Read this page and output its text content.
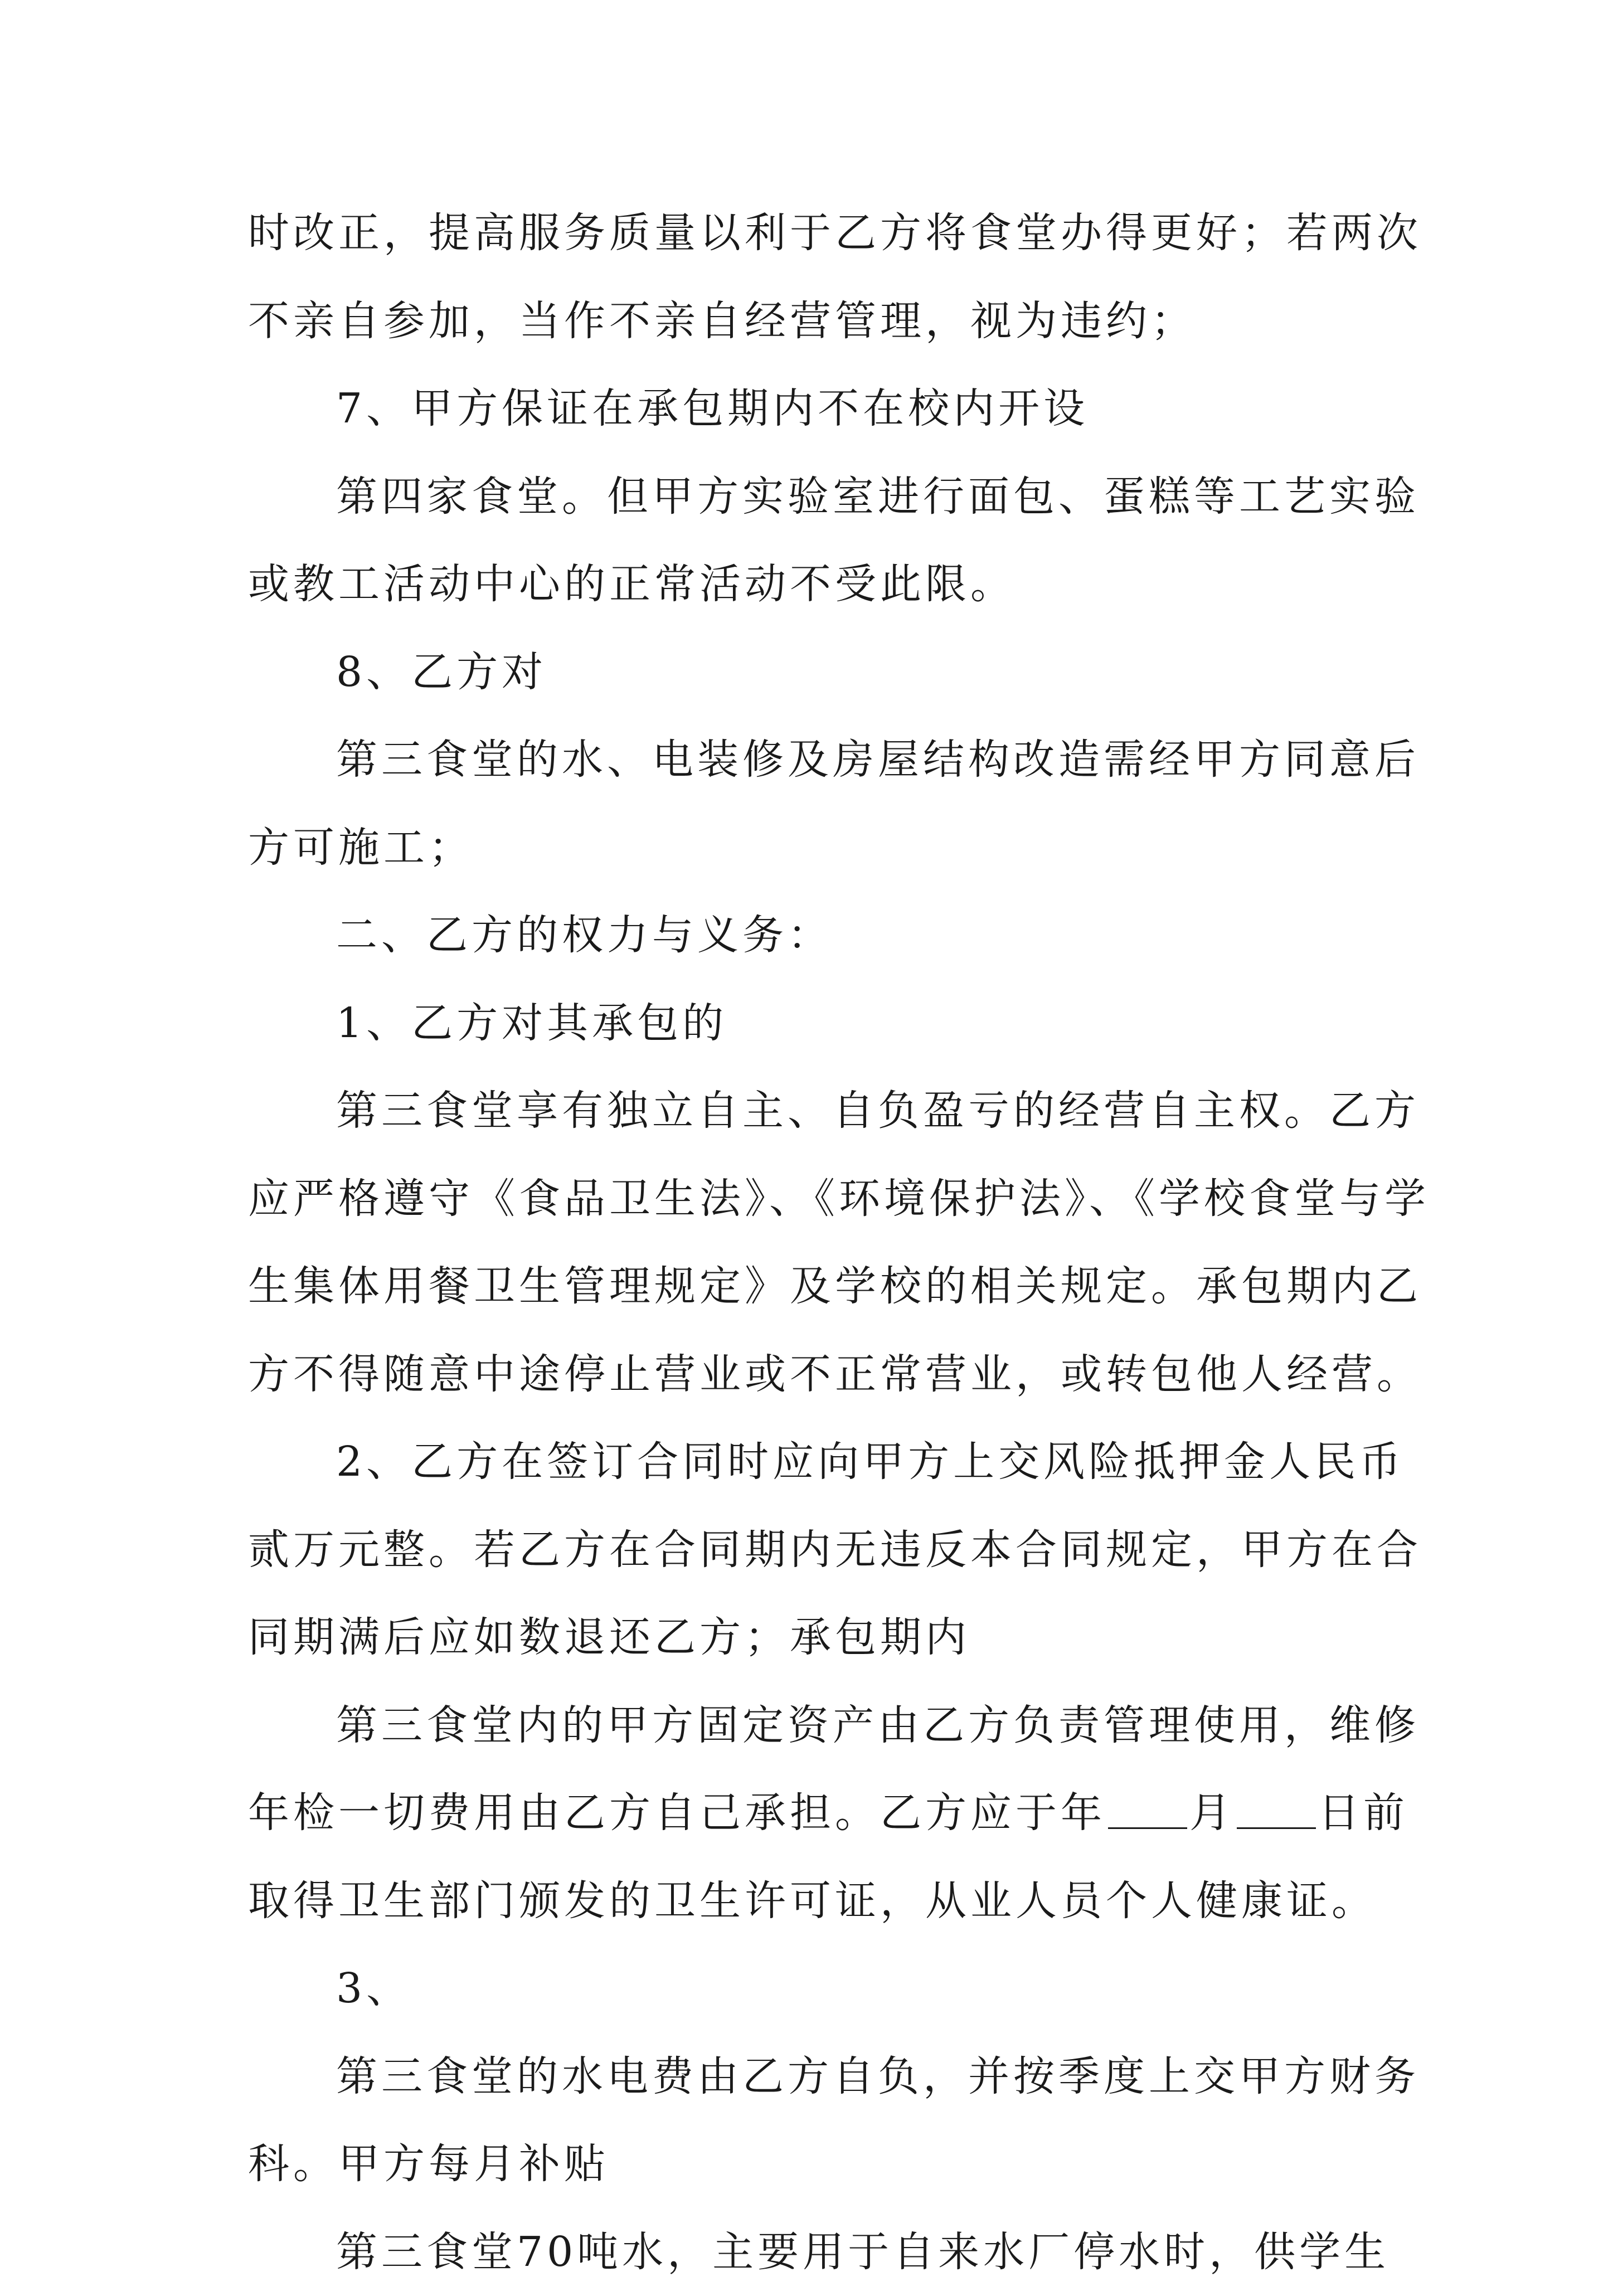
时改正，提高服务质量以利于乙方将食堂办得更好；若两次
不亲自参加，当作不亲自经营管理，视为违约；
7、甲方保证在承包期内不在校内开设
第四家食堂。但甲方实验室进行面包、蛋糕等工艺实验
或教工活动中心的正常活动不受此限。
8、乙方对
第三食堂的水、电装修及房屋结构改造需经甲方同意后
方可施工；
二、乙方的权力与义务：
1、乙方对其承包的
第三食堂享有独立自主、自负盈亏的经营自主权。乙方
应严格遵守《食品卫生法》、《环境保护法》、《学校食堂与学
生集体用餐卫生管理规定》及学校的相关规定。承包期内乙
方不得随意中途停止营业或不正常营业，或转包他人经营。
2、乙方在签订合同时应向甲方上交风险抵押金人民币
贰万元整。若乙方在合同期内无违反本合同规定，甲方在合
同期满后应如数退还乙方；承包期内
第三食堂内的甲方固定资产由乙方负责管理使用，维修
年检一切费用由乙方自己承担。乙方应于年 月 日前
取得卫生部门颁发的卫生许可证，从业人员个人健康证。
3、
第三食堂的水电费由乙方自负，并按季度上交甲方财务
科。甲方每月补贴
第三食堂70吨水，主要用于自来水厂停水时，供学生
